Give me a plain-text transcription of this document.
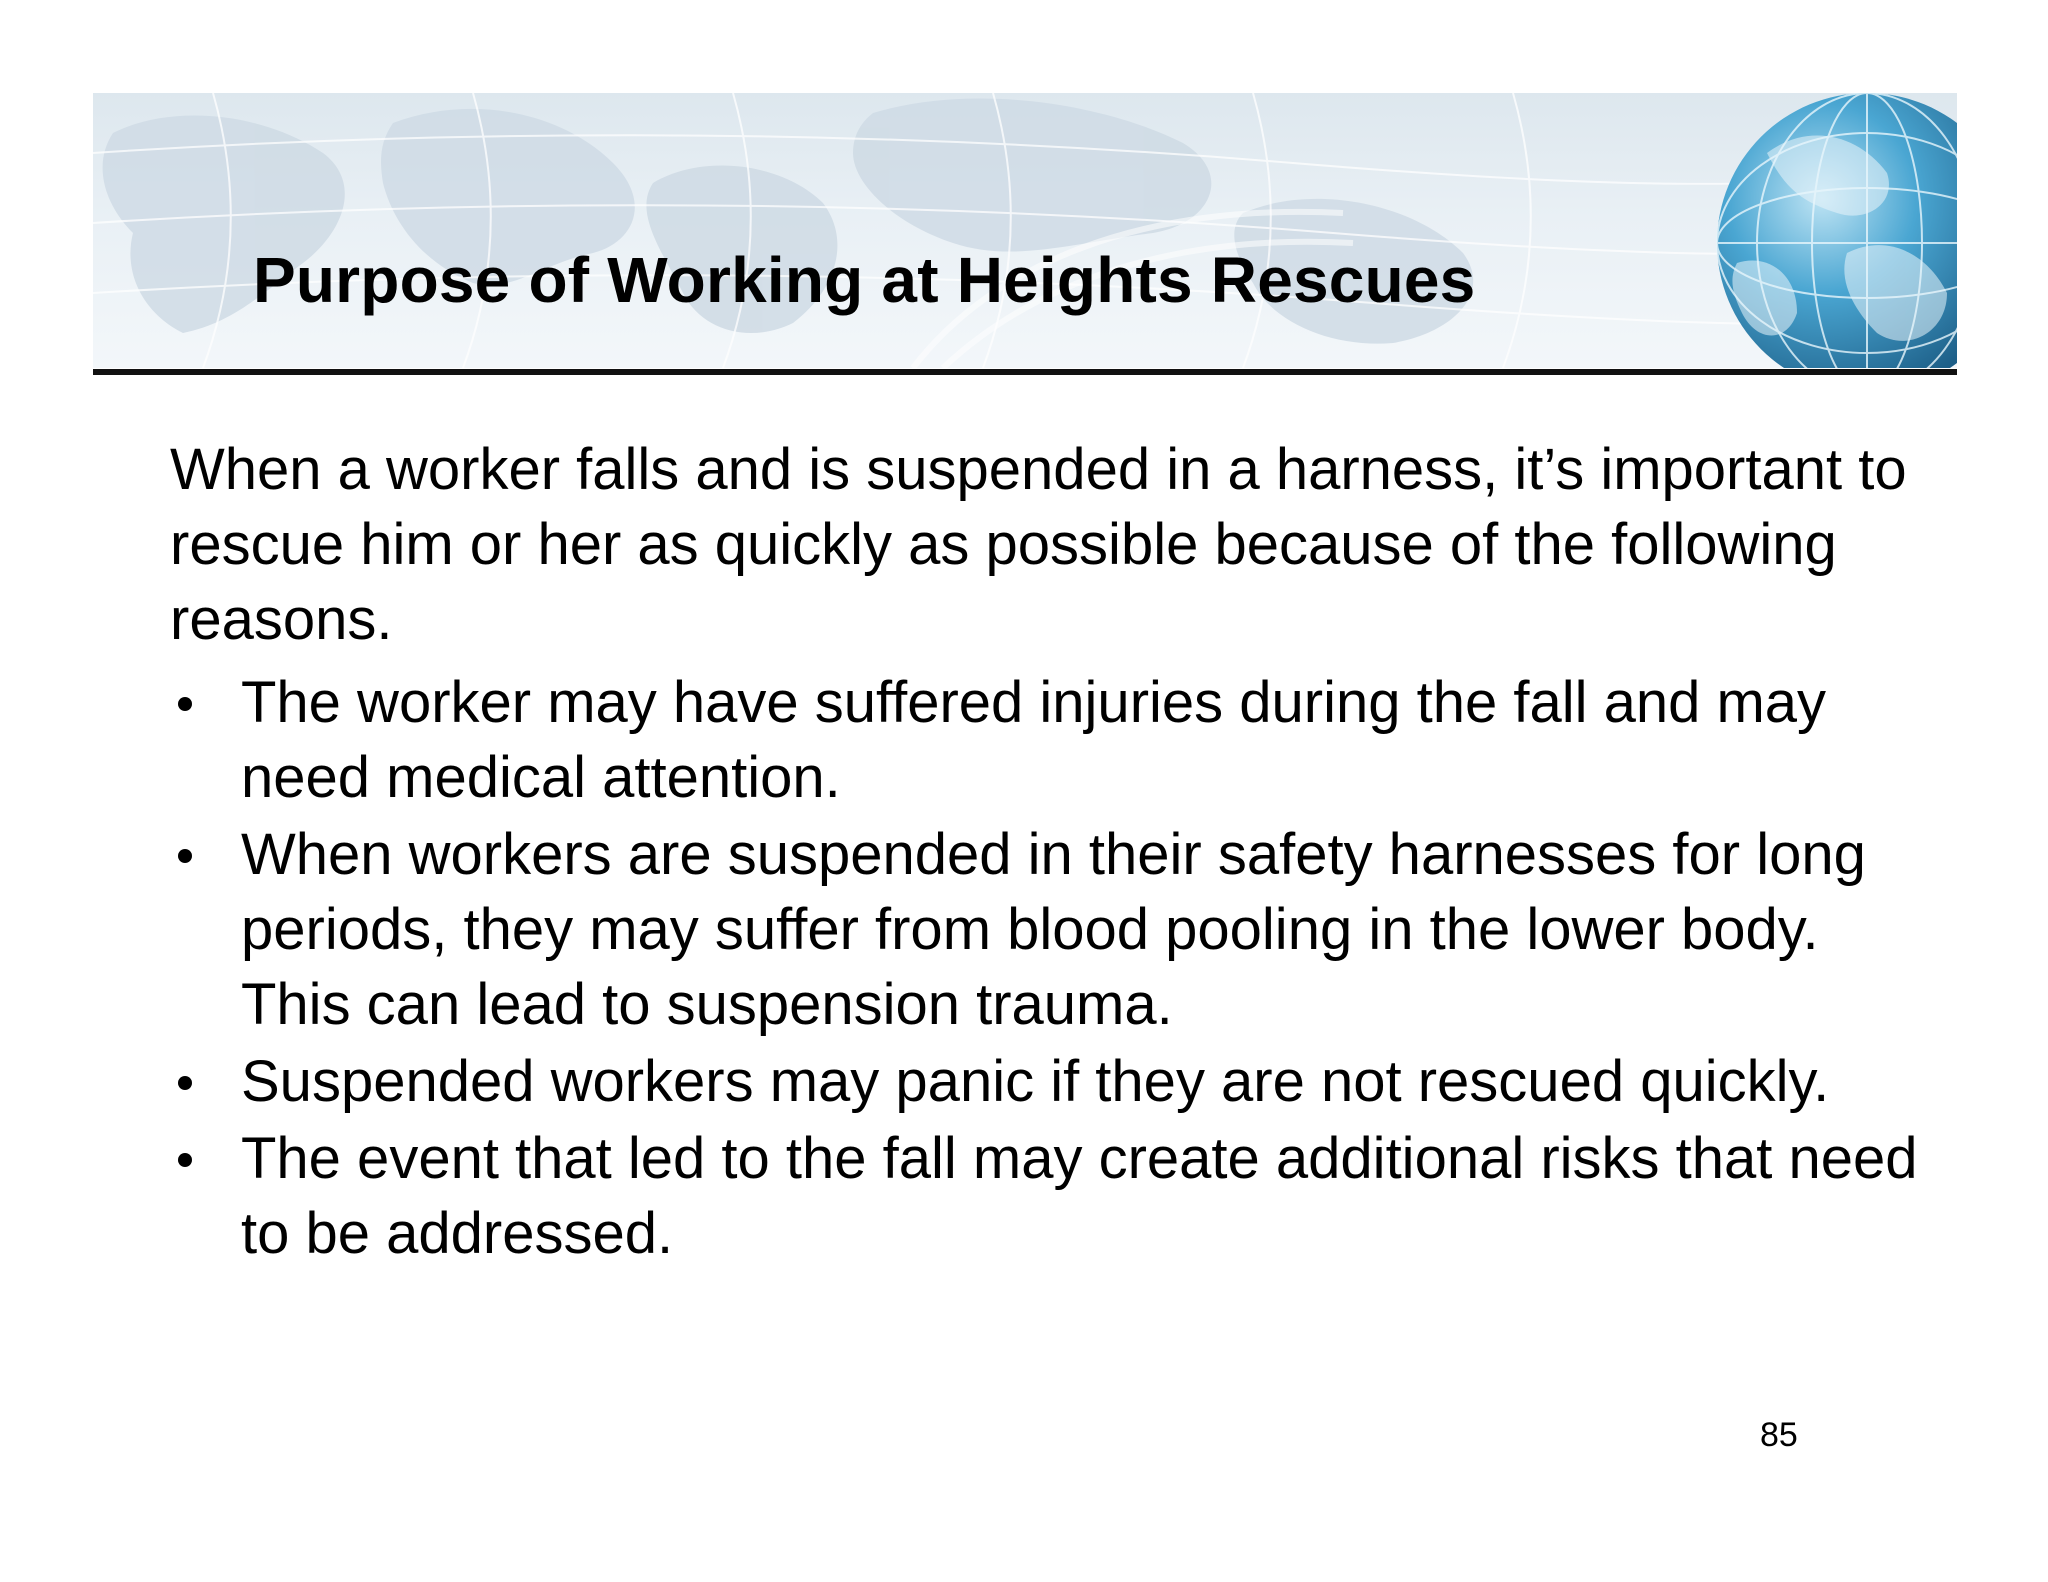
Purpose of Working at Heights Rescues

When a worker falls and is suspended in a harness, it’s important to rescue him or her as quickly as possible because of the following reasons.

The worker may have suffered injuries during the fall and may need medical attention.
When workers are suspended in their safety harnesses for long periods, they may suffer from blood pooling in the lower body. This can lead to suspension trauma.
Suspended workers may panic if they are not rescued quickly.
The event that led to the fall may create additional risks that need to be addressed.
85
